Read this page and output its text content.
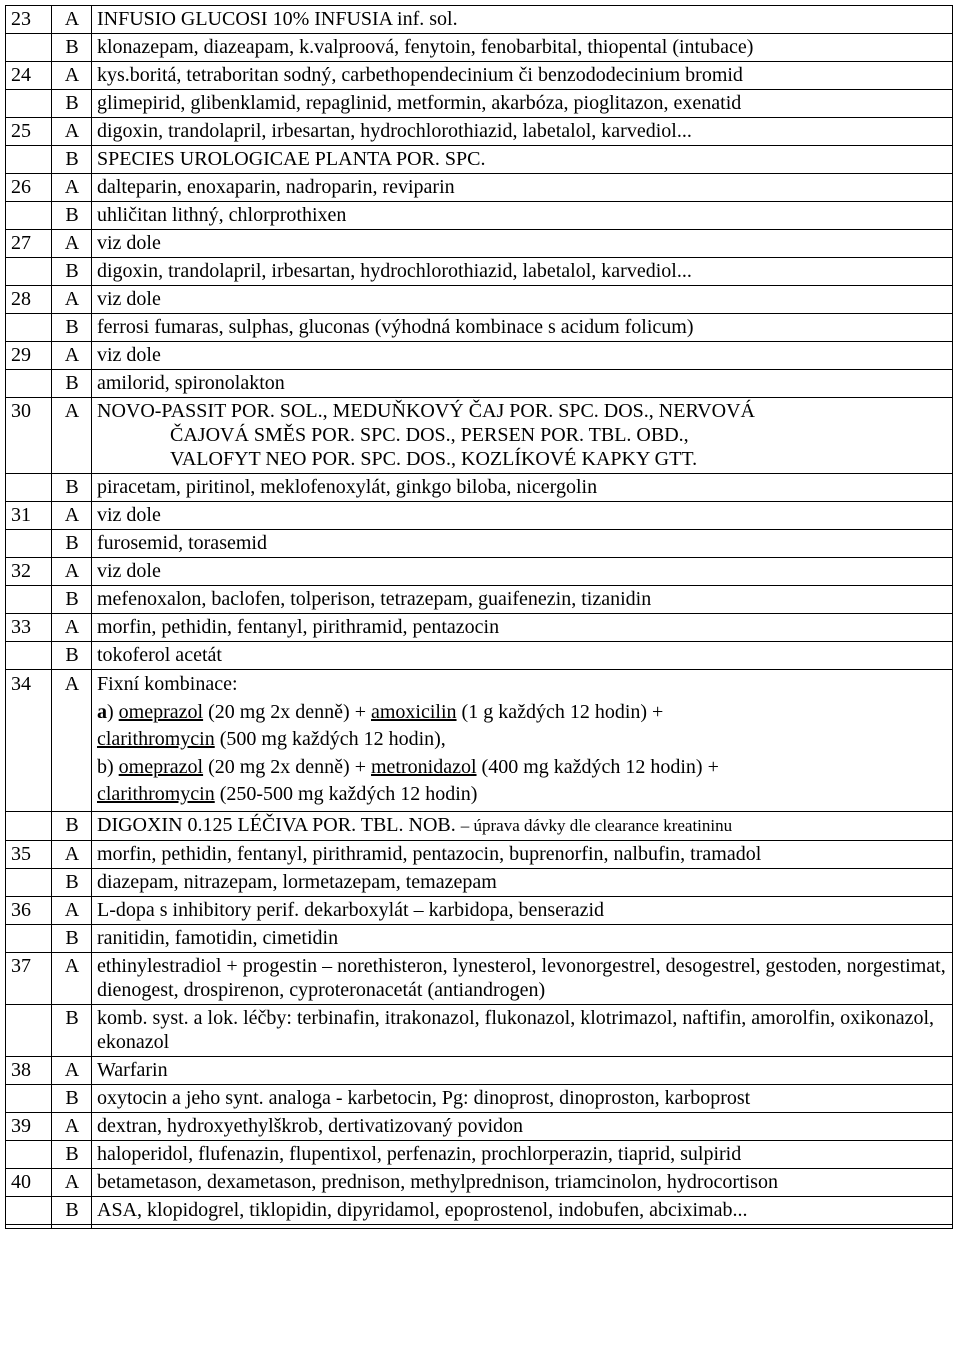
23	A	INFUSIO GLUCOSI 10% INFUSIA inf. sol.
	B	klonazepam, diazeapam, k.valproová, fenytoin, fenobarbital, thiopental (intubace)
24	A	kys.boritá, tetraboritan sodný, carbethopendecinium či benzododecinium bromid
	B	glimepirid, glibenklamid, repaglinid, metformin, akarbóza, pioglitazon, exenatid
25	A	digoxin, trandolapril, irbesartan, hydrochlorothiazid, labetalol, karvediol...
	B	SPECIES UROLOGICAE PLANTA POR. SPC.
26	A	dalteparin, enoxaparin, nadroparin, reviparin
	B	uhličitan lithný, chlorprothixen
27	A	viz dole
	B	digoxin, trandolapril, irbesartan, hydrochlorothiazid, labetalol, karvediol...
28	A	viz dole
	B	ferrosi fumaras, sulphas, gluconas (výhodná kombinace s acidum folicum)
29	A	viz dole
	B	amilorid, spironolakton
30	A	NOVO-PASSIT POR. SOL., MEDUŇKOVÝ ČAJ POR. SPC. DOS., NERVOVÁ
ČAJOVÁ SMĚS POR. SPC. DOS., PERSEN POR. TBL. OBD.,
VALOFYT NEO POR. SPC. DOS., KOZLÍKOVÉ KAPKY GTT.
	B	piracetam, piritinol, meklofenoxylát, ginkgo biloba, nicergolin
31	A	viz dole
	B	furosemid, torasemid
32	A	viz dole
	B	mefenoxalon, baclofen, tolperison, tetrazepam, guaifenezin, tizanidin
33	A	morfin, pethidin, fentanyl, pirithramid, pentazocin
	B	tokoferol acetát
34	A	Fixní kombinace:
a) omeprazol (20 mg 2x denně) + amoxicilin (1 g každých 12 hodin) +
clarithromycin (500 mg každých 12 hodin),
b) omeprazol (20 mg 2x denně) + metronidazol (400 mg každých 12 hodin) +
clarithromycin (250-500 mg každých 12 hodin)
	B	DIGOXIN 0.125 LÉČIVA POR. TBL. NOB. – úprava dávky dle clearance kreatininu
35	A	morfin, pethidin, fentanyl, pirithramid, pentazocin, buprenorfin, nalbufin, tramadol
	B	diazepam, nitrazepam, lormetazepam, temazepam
36	A	L-dopa s inhibitory perif. dekarboxylát – karbidopa, benserazid
	B	ranitidin, famotidin, cimetidin
37	A	ethinylestradiol + progestin – norethisteron, lynesterol, levonorgestrel, desogestrel, gestoden, norgestimat, dienogest, drospirenon, cyproteronacetát (antiandrogen)
	B	komb. syst. a lok. léčby: terbinafin, itrakonazol, flukonazol, klotrimazol, naftifin, amorolfin, oxikonazol, ekonazol
38	A	Warfarin
	B	oxytocin a jeho synt. analoga - karbetocin, Pg: dinoprost, dinoproston, karboprost
39	A	dextran, hydroxyethylškrob, dertivatizovaný povidon
	B	haloperidol, flufenazin, flupentixol, perfenazin, prochlorperazin, tiaprid, sulpirid
40	A	betametason, dexametason, prednison, methylprednison, triamcinolon, hydrocortison
	B	ASA, klopidogrel, tiklopidin, dipyridamol, epoprostenol, indobufen, abciximab...
